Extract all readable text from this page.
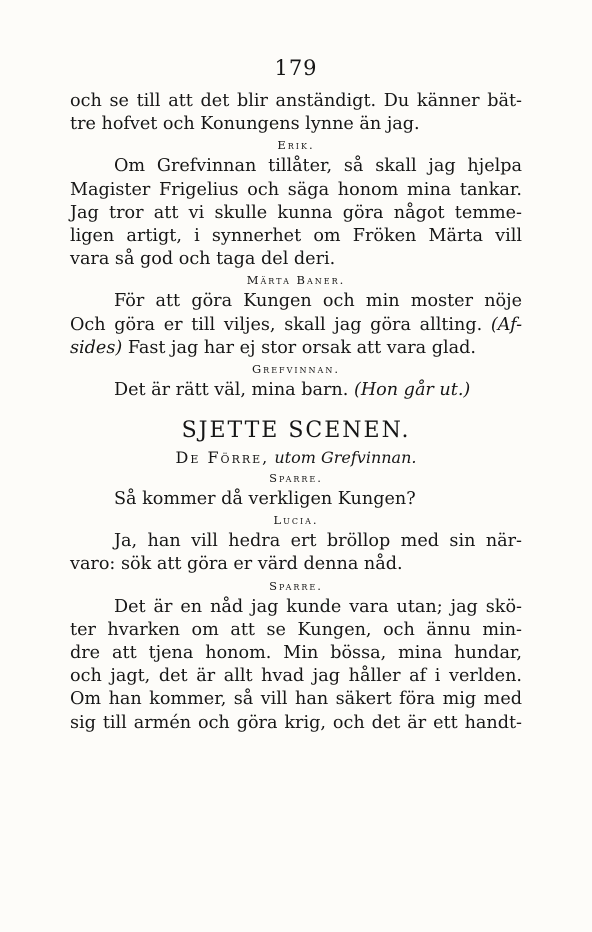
179
och se till att det blir anständigt. Du känner bät-
tre hofvet och Konungens lynne än jag.
Erik.
Om Grefvinnan tillåter, så skall jag hjelpa
Magister Frigelius och säga honom mina tankar.
Jag tror att vi skulle kunna göra något temme-
ligen artigt, i synnerhet om Fröken Märta vill
vara så god och taga del deri.
Märta Baner.
För att göra Kungen och min moster nöje
Och göra er till viljes, skall jag göra allting. (Af-
sides) Fast jag har ej stor orsak att vara glad.
Grefvinnan.
Det är rätt väl, mina barn. (Hon går ut.)
SJETTE SCENEN.
De Förre, utom Grefvinnan.
Sparre.
Så kommer då verkligen Kungen?
Lucia.
Ja, han vill hedra ert bröllop med sin när-
varo: sök att göra er värd denna nåd.
Sparre.
Det är en nåd jag kunde vara utan; jag skö-
ter hvarken om att se Kungen, och ännu min-
dre att tjena honom. Min bössa, mina hundar,
och jagt, det är allt hvad jag håller af i verlden.
Om han kommer, så vill han säkert föra mig med
sig till armén och göra krig, och det är ett handt-
